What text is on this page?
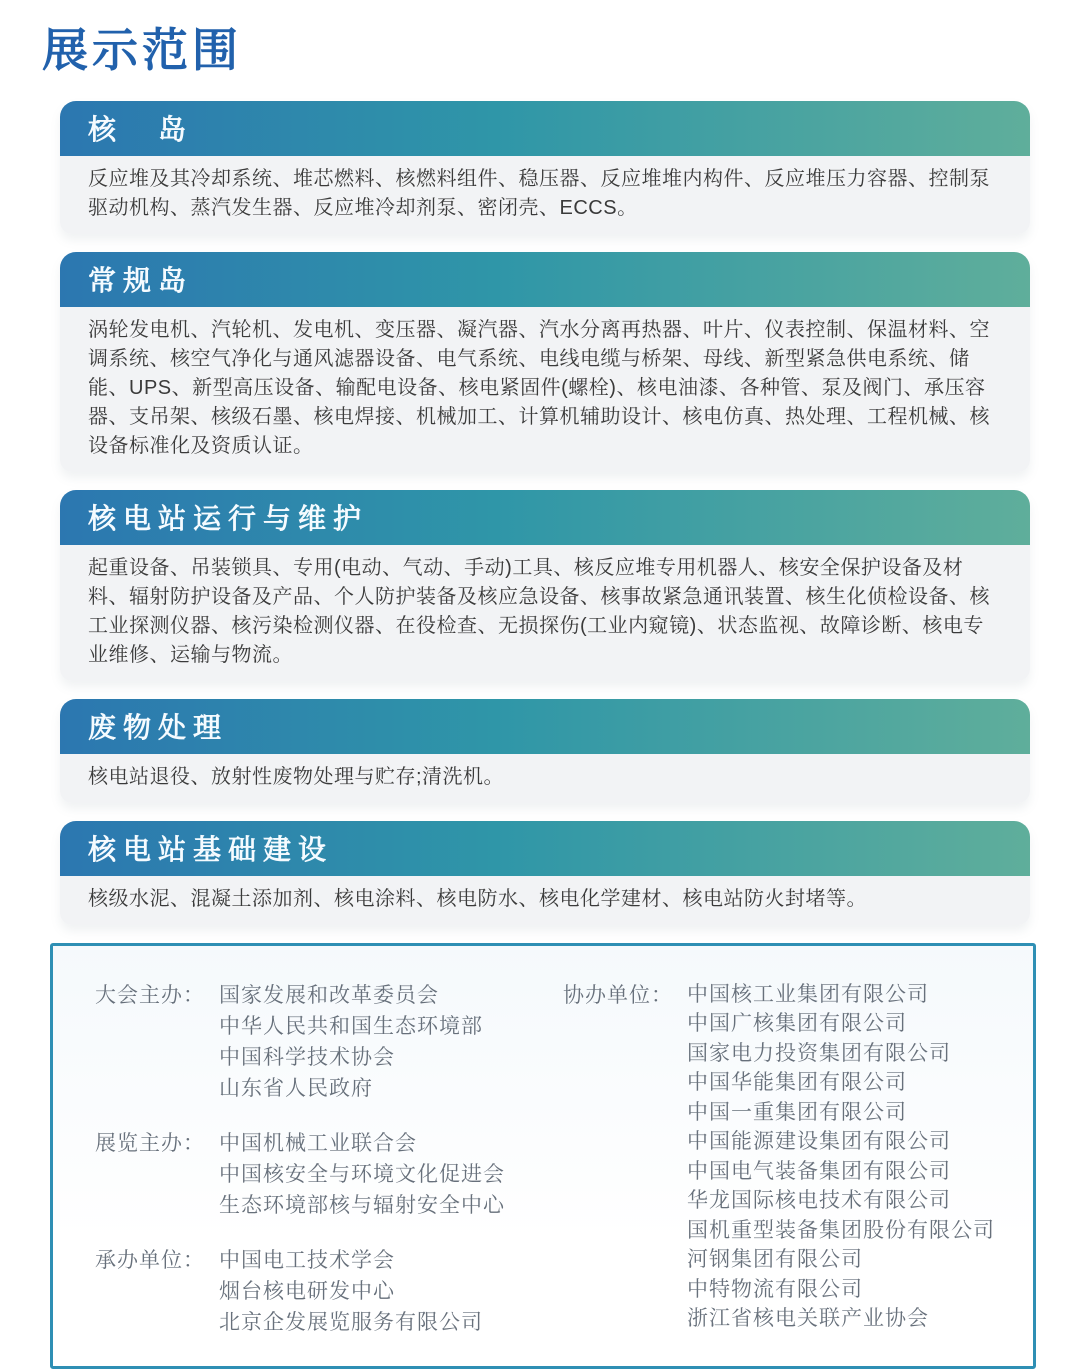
展示范围
核　岛

反应堆及其冷却系统、堆芯燃料、核燃料组件、稳压器、反应堆堆内构件、反应堆压力容器、控制泵驱动机构、蒸汽发生器、反应堆冷却剂泵、密闭壳、ECCS。

常规岛

涡轮发电机、汽轮机、发电机、变压器、凝汽器、汽水分离再热器、叶片、仪表控制、保温材料、空调系统、核空气净化与通风滤器设备、电气系统、电线电缆与桥架、母线、新型紧急供电系统、储能、UPS、新型高压设备、输配电设备、核电紧固件(螺栓)、核电油漆、各种管、泵及阀门、承压容器、支吊架、核级石墨、核电焊接、机械加工、计算机辅助设计、核电仿真、热处理、工程机械、核设备标准化及资质认证。

核电站运行与维护

起重设备、吊装锁具、专用(电动、气动、手动)工具、核反应堆专用机器人、核安全保护设备及材料、辐射防护设备及产品、个人防护装备及核应急设备、核事故紧急通讯装置、核生化侦检设备、核工业探测仪器、核污染检测仪器、在役检查、无损探伤(工业内窥镜)、状态监视、故障诊断、核电专业维修、运输与物流。

废物处理

核电站退役、放射性废物处理与贮存;清洗机。

核电站基础建设

核级水泥、混凝土添加剂、核电涂料、核电防水、核电化学建材、核电站防火封堵等。

大会主办： 国家发展和改革委员会
中华人民共和国生态环境部
中国科学技术协会
山东省人民政府
展览主办： 中国机械工业联合会
中国核安全与环境文化促进会
生态环境部核与辐射安全中心
承办单位： 中国电工技术学会
烟台核电研发中心
北京企发展览服务有限公司
协办单位： 中国核工业集团有限公司
中国广核集团有限公司
国家电力投资集团有限公司
中国华能集团有限公司
中国一重集团有限公司
中国能源建设集团有限公司
中国电气装备集团有限公司
华龙国际核电技术有限公司
国机重型装备集团股份有限公司
河钢集团有限公司
中特物流有限公司
浙江省核电关联产业协会
